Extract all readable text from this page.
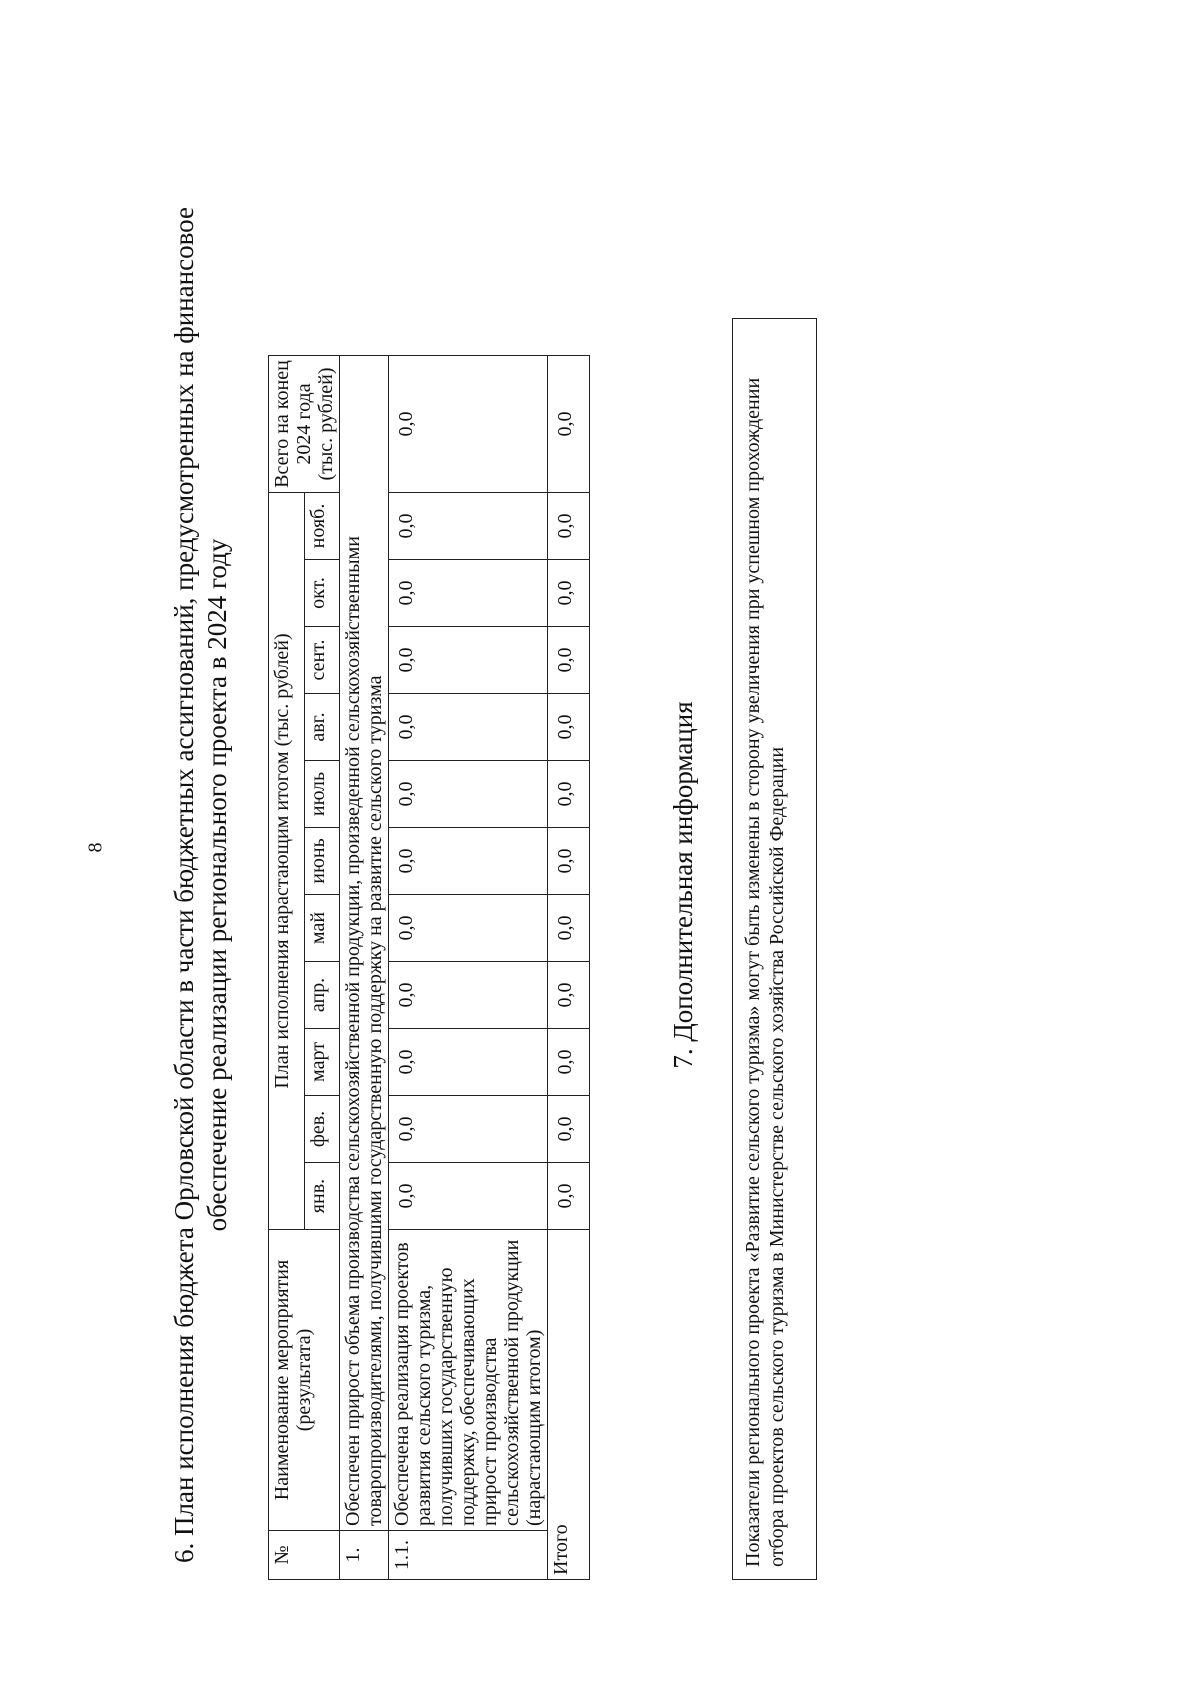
8 6. План исполнения бюджета Орловской области в части бюджетных ассигнований, предусмотренных на финансовое обеспечение реализации регионального проекта в 2024 году
№	Наименование мероприятия (результата)	План исполнения нарастающим итогом (тыс. рублей)											Всего на конец 2024 года (тыс. рублей)
		янв.	фев.	март	апр.	май	июнь	июль	авг.	сент.	окт.	нояб.	
1.	Обеспечен прирост объема производства сельскохозяйственной продукции, произведенной сельскохозяйственными товаропроизводителями, получившими государственную поддержку на развитие сельского туризма												
1.1.	Обеспечена реализация проектов развития сельского туризма, получивших государственную поддержку, обеспечивающих прирост производства сельскохозяйственной продукции (нарастающим итогом)	0,0	0,0	0,0	0,0	0,0	0,0	0,0	0,0	0,0	0,0	0,0	0,0
Итого		0,0	0,0	0,0	0,0	0,0	0,0	0,0	0,0	0,0	0,0	0,0	0,0
7. Дополнительная информация	Показатели регионального проекта «Развитие сельского туризма» могут быть изменены в сторону увеличения при успешном прохождении отбора проектов сельского туризма в Министерстве сельского хозяйства Российской Федерации
